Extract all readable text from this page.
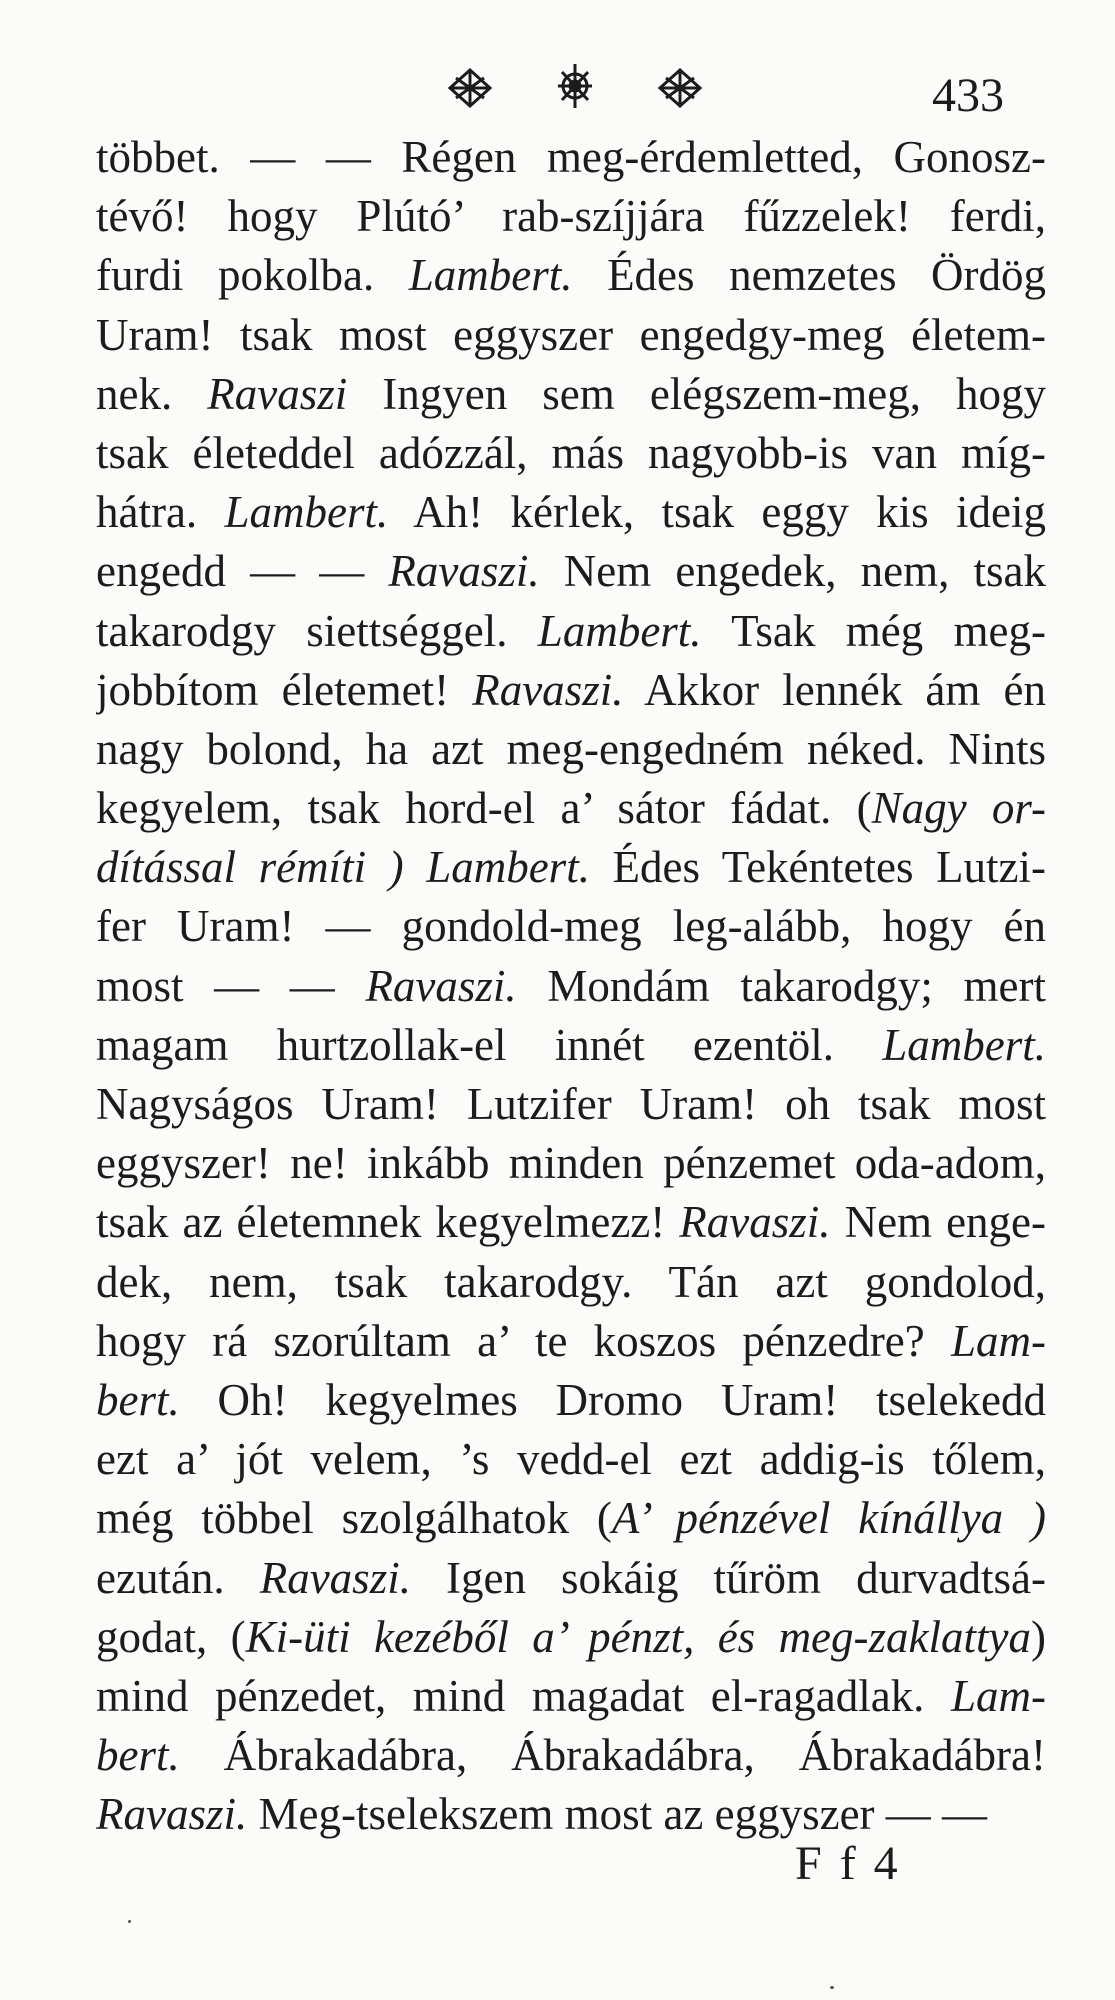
433
többet. — — Régen meg-érdemletted, Gonosz-
tévő! hogy Plútó’ rab-szíjjára fűzzelek! ferdi,
furdi pokolba. Lambert. Édes nemzetes Ördög
Uram! tsak most eggyszer engedgy-meg életem-
nek. Ravaszi Ingyen sem elégszem-meg, hogy
tsak életeddel adózzál, más nagyobb-is van míg-
hátra. Lambert. Ah! kérlek, tsak eggy kis ideig
engedd — — Ravaszi. Nem engedek, nem, tsak
takarodgy siettséggel. Lambert. Tsak még meg-
jobbítom életemet! Ravaszi. Akkor lennék ám én
nagy bolond, ha azt meg-engedném néked. Nints
kegyelem, tsak hord-el a’ sátor fádat. (Nagy or-
dítással rémíti ) Lambert. Édes Tekéntetes Lutzi-
fer Uram! — gondold-meg leg-alább, hogy én
most — — Ravaszi. Mondám takarodgy; mert
magam hurtzollak-el innét ezentöl. Lambert.
Nagyságos Uram! Lutzifer Uram! oh tsak most
eggyszer! ne! inkább minden pénzemet oda-adom,
tsak az életemnek kegyelmezz! Ravaszi. Nem enge-
dek, nem, tsak takarodgy. Tán azt gondolod,
hogy rá szorúltam a’ te koszos pénzedre? Lam-
bert. Oh! kegyelmes Dromo Uram! tselekedd
ezt a’ jót velem, ’s vedd-el ezt addig-is tőlem,
még többel szolgálhatok (A’ pénzével kínállya )
ezután. Ravaszi. Igen sokáig tűröm durvadtsá-
godat, (Ki-üti kezéből a’ pénzt, és meg-zaklattya)
mind pénzedet, mind magadat el-ragadlak. Lam-
bert. Ábrakadábra, Ábrakadábra, Ábrakadábra!
Ravaszi. Meg-tselekszem most az eggyszer — —
F f 4
